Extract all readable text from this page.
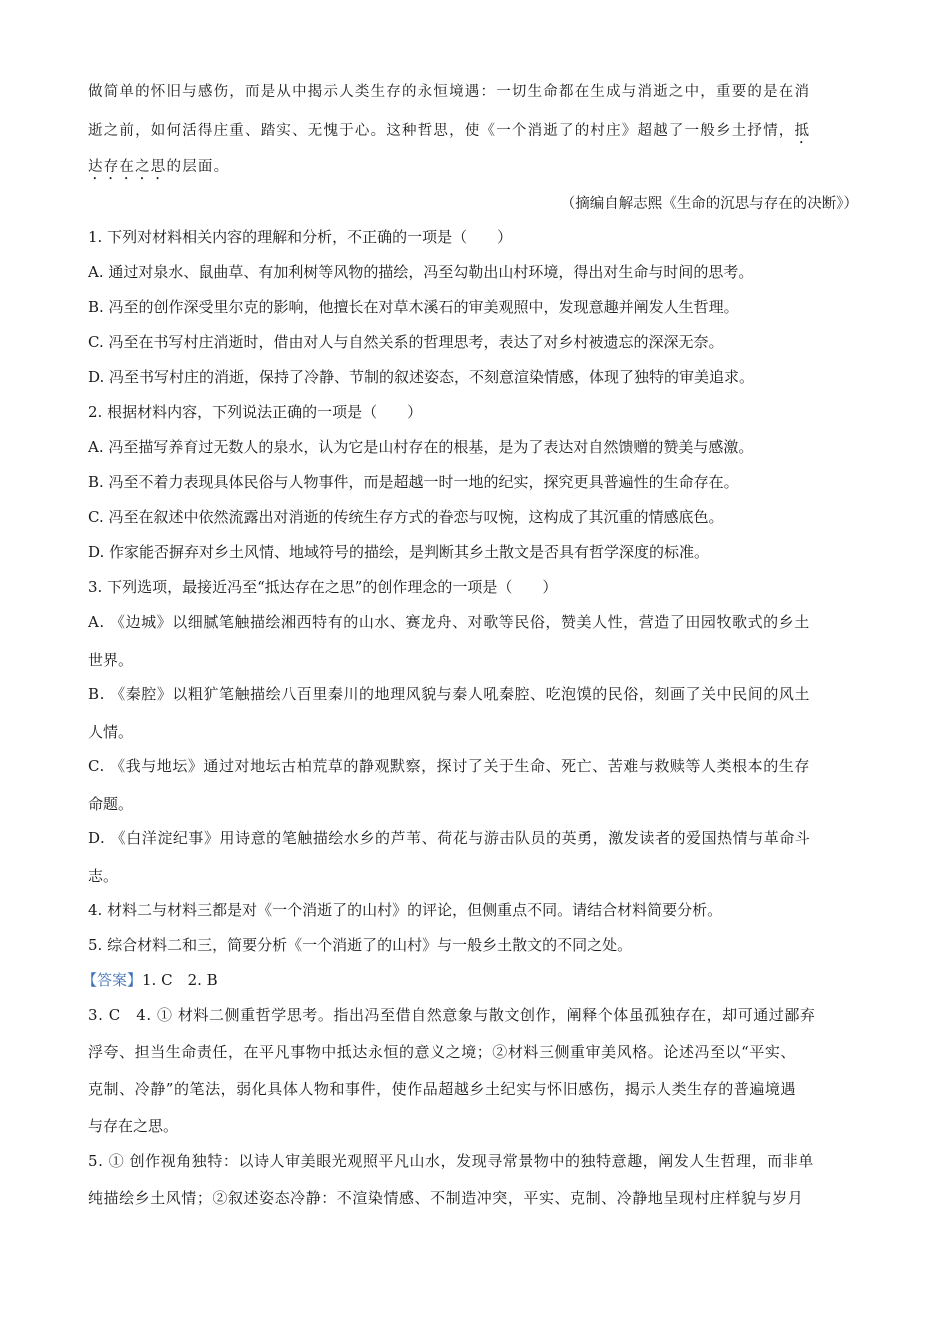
做简单的怀旧与感伤，而是从中揭示人类生存的永恒境遇：一切生命都在生成与消逝之中，重要的是在消
逝之前，如何活得庄重、踏实、无愧于心。这种哲思，使《一个消逝了的村庄》超越了一般乡土抒情，抵
达存在之思的层面。
（摘编自解志熙《生命的沉思与存在的决断》）
1. 下列对材料相关内容的理解和分析，不正确的一项是（　　）
A. 通过对泉水、鼠曲草、有加利树等风物的描绘，冯至勾勒出山村环境，得出对生命与时间的思考。
B. 冯至的创作深受里尔克的影响，他擅长在对草木溪石的审美观照中，发现意趣并阐发人生哲理。
C. 冯至在书写村庄消逝时，借由对人与自然关系的哲理思考，表达了对乡村被遗忘的深深无奈。
D. 冯至书写村庄的消逝，保持了冷静、节制的叙述姿态，不刻意渲染情感，体现了独特的审美追求。
2. 根据材料内容，下列说法正确的一项是（　　）
A. 冯至描写养育过无数人的泉水，认为它是山村存在的根基，是为了表达对自然馈赠的赞美与感激。
B. 冯至不着力表现具体民俗与人物事件，而是超越一时一地的纪实，探究更具普遍性的生命存在。
C. 冯至在叙述中依然流露出对消逝的传统生存方式的眷恋与叹惋，这构成了其沉重的情感底色。
D. 作家能否摒弃对乡土风情、地域符号的描绘，是判断其乡土散文是否具有哲学深度的标准。
3. 下列选项，最接近冯至“抵达存在之思”的创作理念的一项是（　　）
A. 《边城》以细腻笔触描绘湘西特有的山水、赛龙舟、对歌等民俗，赞美人性，营造了田园牧歌式的乡土
世界。
B. 《秦腔》以粗犷笔触描绘八百里秦川的地理风貌与秦人吼秦腔、吃泡馍的民俗，刻画了关中民间的风土
人情。
C. 《我与地坛》通过对地坛古柏荒草的静观默察，探讨了关于生命、死亡、苦难与救赎等人类根本的生存
命题。
D. 《白洋淀纪事》用诗意的笔触描绘水乡的芦苇、荷花与游击队员的英勇，激发读者的爱国热情与革命斗
志。
4. 材料二与材料三都是对《一个消逝了的山村》的评论，但侧重点不同。请结合材料简要分析。
5. 综合材料二和三，简要分析《一个消逝了的山村》与一般乡土散文的不同之处。
【答案】1. C　2. B
3. C　4. ① 材料二侧重哲学思考。指出冯至借自然意象与散文创作，阐释个体虽孤独存在，却可通过鄙弃
浮夸、担当生命责任，在平凡事物中抵达永恒的意义之境；②材料三侧重审美风格。论述冯至以“平实、
克制、冷静”的笔法，弱化具体人物和事件，使作品超越乡土纪实与怀旧感伤，揭示人类生存的普遍境遇
与存在之思。
5. ① 创作视角独特：以诗人审美眼光观照平凡山水，发现寻常景物中的独特意趣，阐发人生哲理，而非单
纯描绘乡土风情；②叙述姿态冷静：不渲染情感、不制造冲突，平实、克制、冷静地呈现村庄样貌与岁月
